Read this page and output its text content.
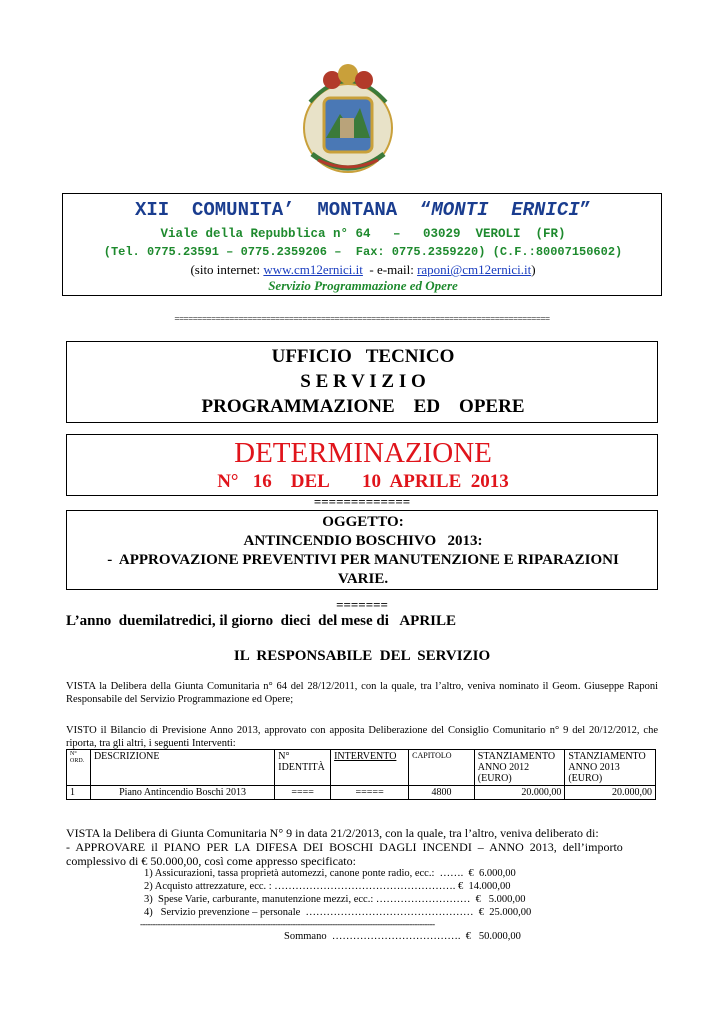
XII  COMUNITA’  MONTANA  “MONTI  ERNICI”
Viale della Repubblica n° 64   –   03029  VEROLI  (FR)
(Tel. 0775.23591 – 0775.2359206 –  Fax: 0775.2359220) (C.F.:80007150602)
(sito internet: www.cm12ernici.it  - e-mail: raponi@cm12ernici.it)
Servizio Programmazione ed Opere
==================================================================================
UFFICIO   TECNICO
S E R V I Z I O
PROGRAMMAZIONE    ED    OPERE
DETERMINAZIONE
N°   16    DEL       10  APRILE  2013
=============
OGGETTO:
ANTINCENDIO BOSCHIVO   2013:
-  APPROVAZIONE PREVENTIVI PER MANUTENZIONE E RIPARAZIONI
VARIE.
=======
L’anno  duemilatredici, il giorno  dieci  del mese di   APRILE
IL  RESPONSABILE  DEL  SERVIZIO
VISTA la Delibera della Giunta Comunitaria n° 64 del 28/12/2011, con la quale, tra l’altro, veniva nominato il Geom. Giuseppe Raponi Responsabile del Servizio Programmazione ed Opere;
VISTO il Bilancio di Previsione Anno 2013, approvato con apposita Deliberazione del Consiglio Comunitario n° 9 del 20/12/2012, che riporta, tra gli altri, i seguenti Interventi:
N° ORD.	DESCRIZIONE	N° IDENTITÀ	INTERVENTO	CAPITOLO	STANZIAMENTO ANNO 2012 (EURO)	STANZIAMENTO ANNO 2013 (EURO)
1	Piano Antincendio Boschi 2013	====	=====	4800	20.000,00	20.000,00
VISTA la Delibera di Giunta Comunitaria N° 9 in data 21/2/2013, con la quale, tra l’altro, veniva deliberato di:
-  APPROVARE  il  PIANO  PER  LA  DIFESA  DEI  BOSCHI  DAGLI  INCENDI  –  ANNO  2013,  dell’importo
complessivo di € 50.000,00, così come appresso specificato:
1) Assicurazioni, tassa proprietà automezzi, canone ponte radio, ecc.:  …….  €  6.000,00
2) Acquisto attrezzature, ecc. : ……………………………………………. €  14.000,00
3)  Spese Varie, carburante, manutenzione mezzi, ecc.: ………………………  €   5.000,00
4)   Servizio prevenzione – personale  …………………………………………  €  25.000,00
----------------------------------------------------------------------------------------------------------------------
Sommano  ……………………………….  €   50.000,00
